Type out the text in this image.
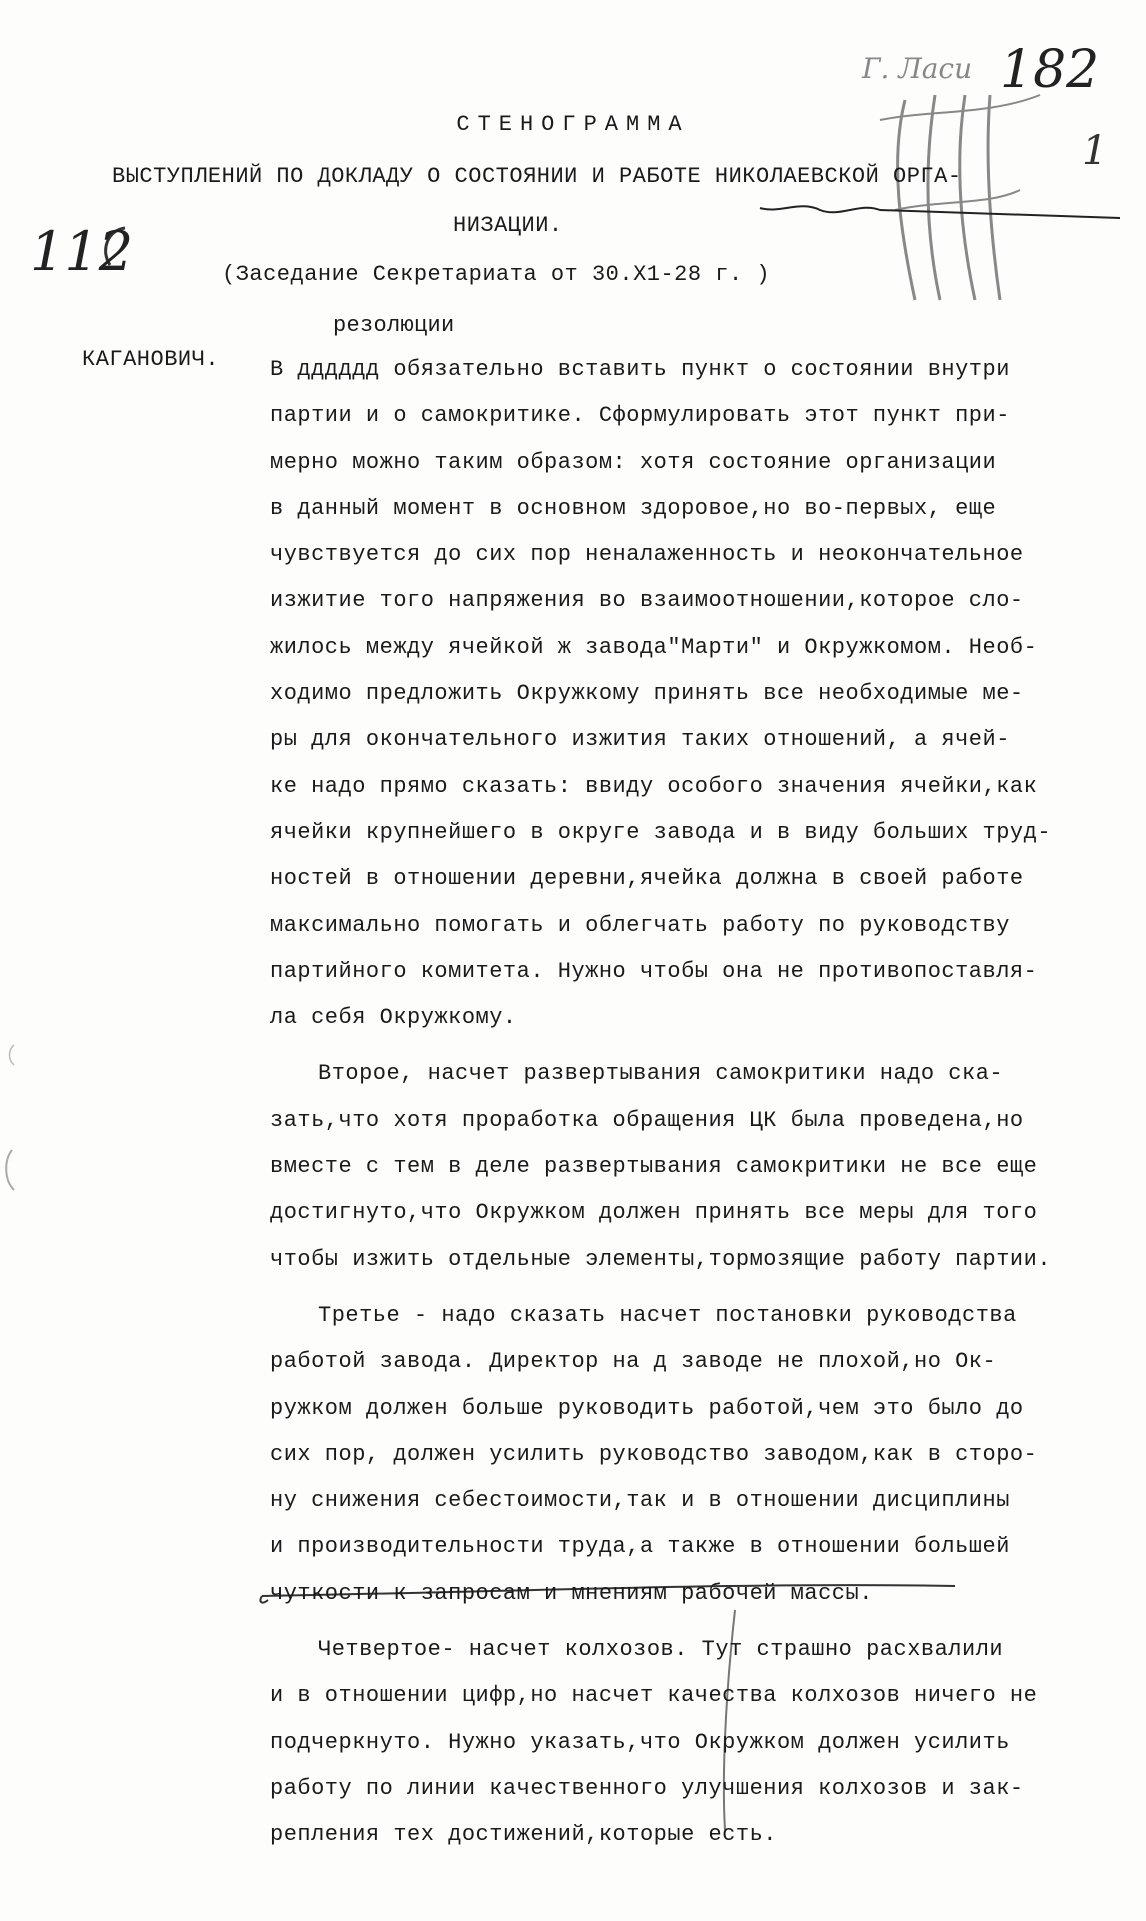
112
182
1
Г. Ласи
СТЕНОГРАММА
ВЫСТУПЛЕНИЙ ПО ДОКЛАДУ О СОСТОЯНИИ И РАБОТЕ НИКОЛАЕВСКОЙ ОРГА-
НИЗАЦИИ.
(Заседание Секретариата от 30.Х1-28 г. )
резолюции
КАГАНОВИЧ. В дддддд обязательно вставить пункт о состоянии внутри
партии и о самокритике. Сформулировать этот пункт при-
мерно можно таким образом: хотя состояние организации
в данный момент в основном здоровое,но во-первых, еще
чувствуется до сих пор неналаженность и неокончательное
изжитие того напряжения во взаимоотношении,которое сло-
жилось между ячейкой ж завода"Марти" и Окружкомом. Необ-
ходимо предложить Окружкому принять все необходимые ме-
ры для окончательного изжития таких отношений, а ячей-
ке надо прямо сказать: ввиду особого значения ячейки,как
ячейки крупнейшего в округе завода и в виду больших труд-
ностей в отношении деревни,ячейка должна в своей работе
максимально помогать и облегчать работу по руководству
партийного комитета. Нужно чтобы она не противопоставля-
ла себя Окружкому.
Второе, насчет развертывания самокритики надо ска-
зать,что хотя проработка обращения ЦК была проведена,но
вместе с тем в деле развертывания самокритики не все еще
достигнуто,что Окружком должен принять все меры для того
чтобы изжить отдельные элементы,тормозящие работу партии.
Третье - надо сказать насчет постановки руководства
работой завода. Директор на д заводе не плохой,но Ок-
ружком должен больше руководить работой,чем это было до
сих пор, должен усилить руководство заводом,как в сторо-
ну снижения себестоимости,так и в отношении дисциплины
и производительности труда,а также в отношении большей
чуткости к запросам и мнениям рабочей массы.
Четвертое- насчет колхозов. Тут страшно расхвалили
и в отношении цифр,но насчет качества колхозов ничего не
подчеркнуто. Нужно указать,что Окружком должен усилить
работу по линии качественного улучшения колхозов и зак-
репления тех достижений,которые есть.
